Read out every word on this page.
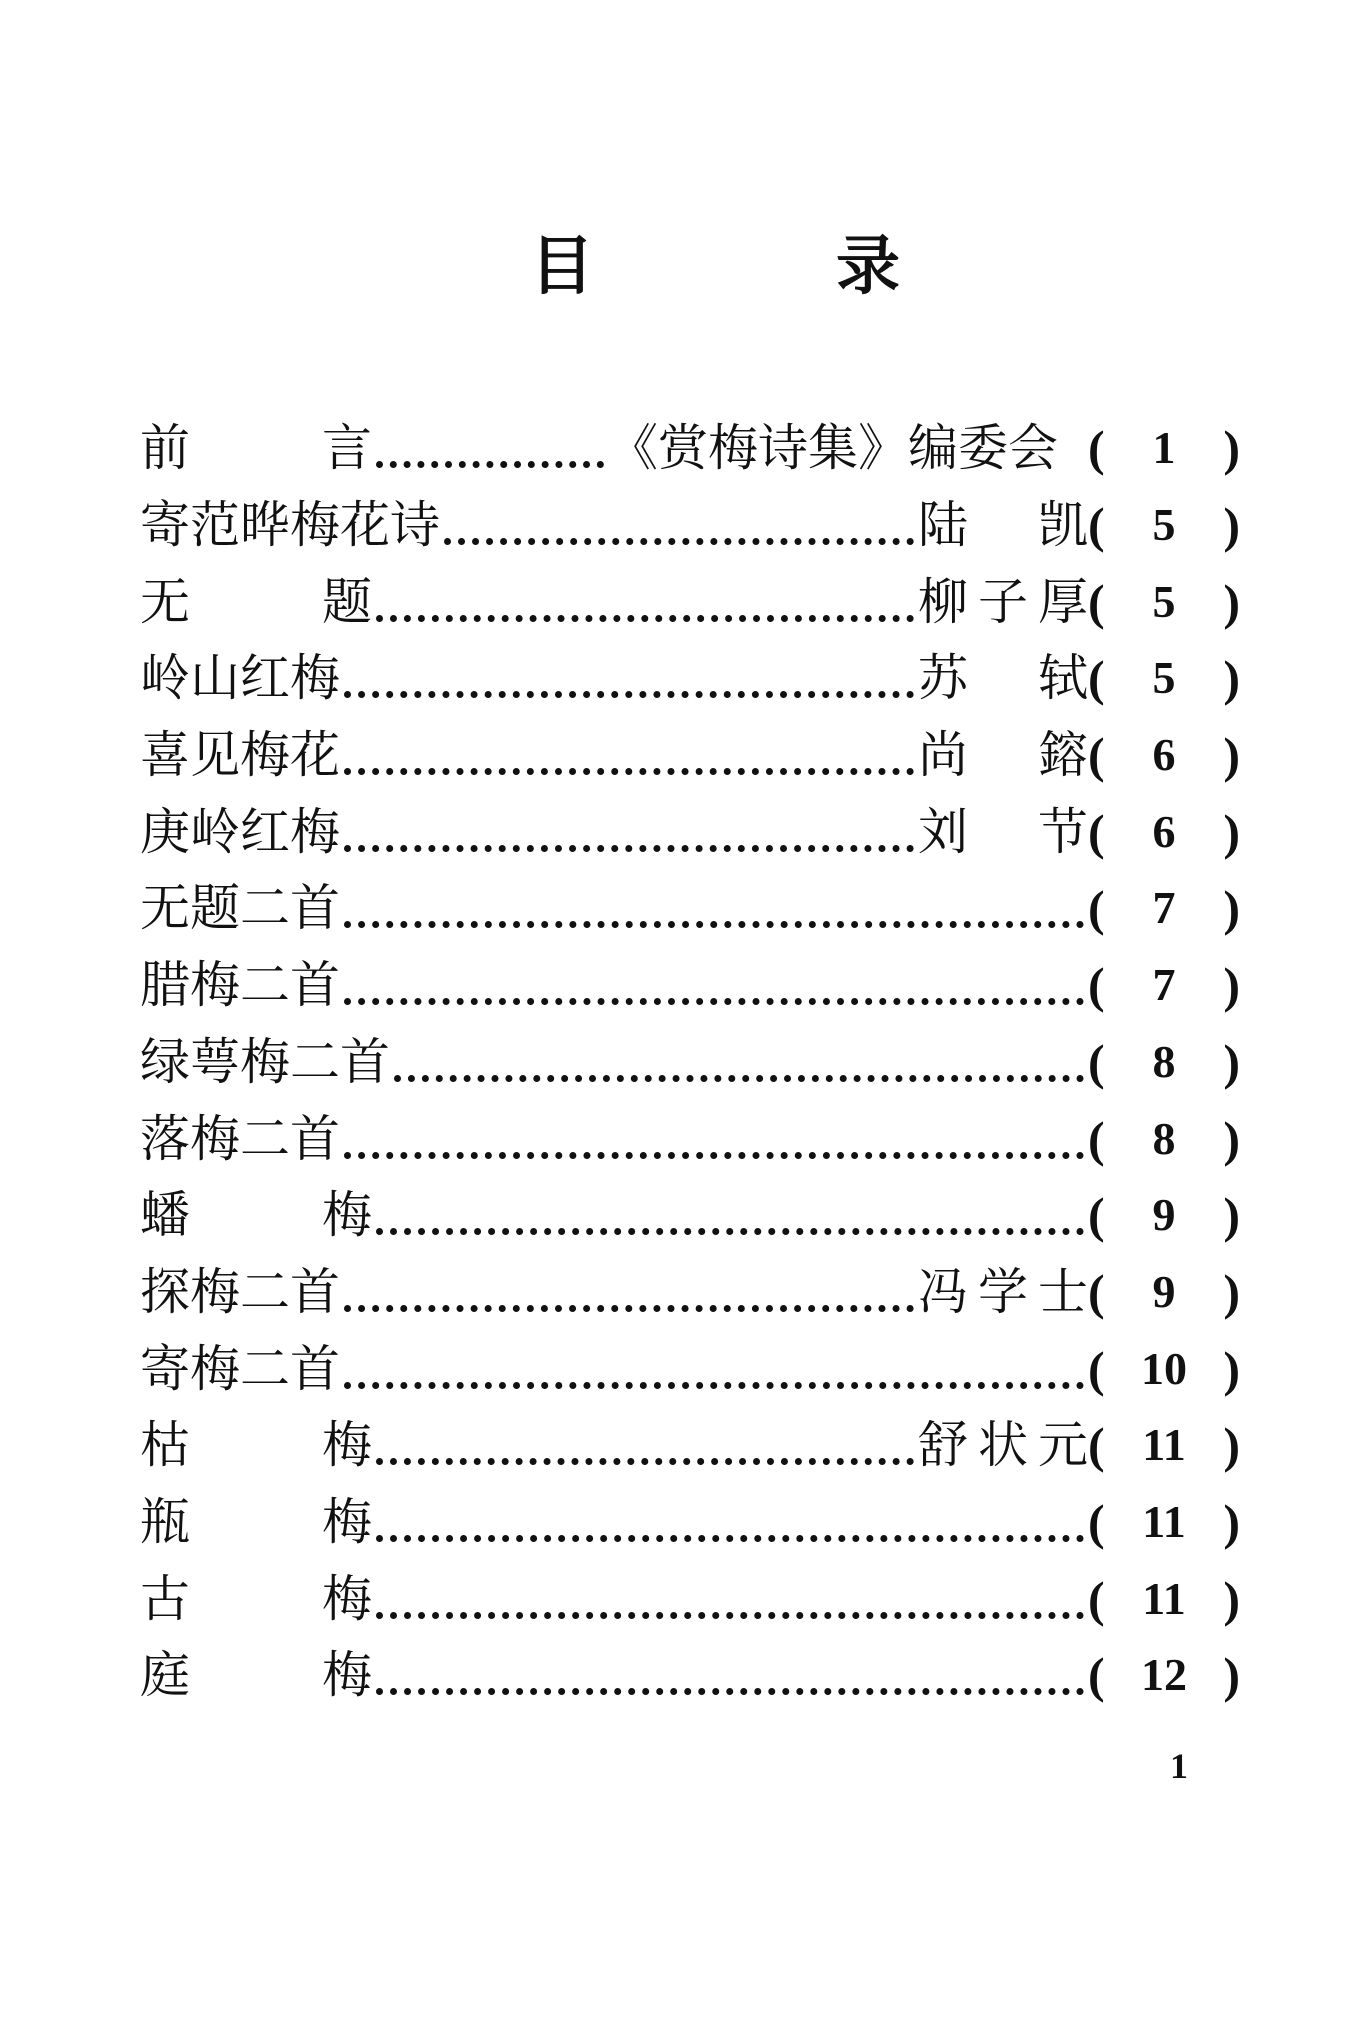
目	录
前	言	《赏梅诗集》编委会 (	1 )
寄范晔梅花诗	陆 凯 (	5 )
无	题	柳 子 厚 (	5 )
岭山红梅	苏 轼 (	5 )
喜见梅花	尚 鎔 (	6 )
庚岭红梅	刘 节 (	6 )
无题二首	(	7 )
腊梅二首	(	7 )
绿萼梅二首	(	8 )
落梅二首	(	8 )
蟠	梅	(	9 )
探梅二首	冯 学 士 (	9 )
寄梅二首	( 10 )
枯	梅	舒 状 元 ( 11 )
瓶	梅	( 11 )
古	梅	( 11 )
庭	梅	( 12 )
1
